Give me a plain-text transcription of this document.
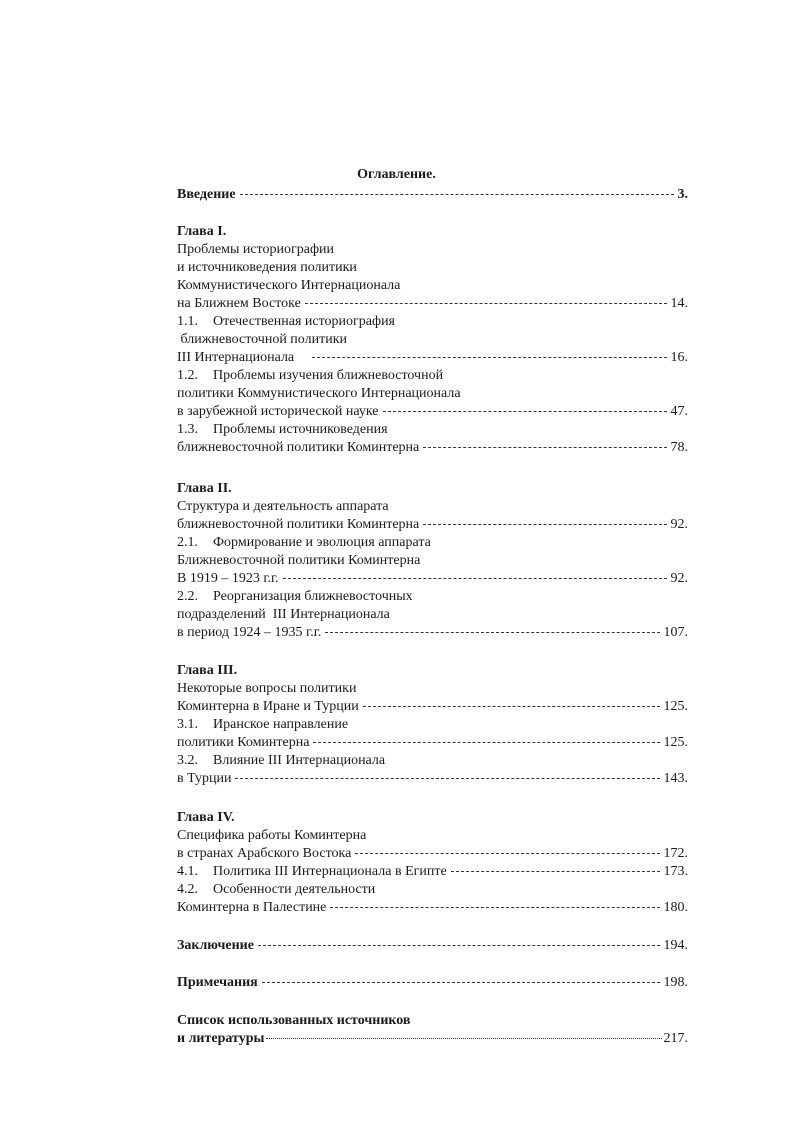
Оглавление.
Введение	3.
Глава I.
Проблемы историографии
и источниковедения политики
Коммунистического Интернационала
на Ближнем Востоке	14.
1.1. Отечественная историография
ближневосточной политики
III Интернационала	16.
1.2. Проблемы изучения ближневосточной
политики Коммунистического Интернационала
в зарубежной исторической науке	47.
1.3. Проблемы источниковедения
ближневосточной политики Коминтерна	78.
Глава II.
Структура и деятельность аппарата
ближневосточной политики Коминтерна	92.
2.1. Формирование и эволюция аппарата
Ближневосточной политики Коминтерна
В 1919 – 1923 г.г.	92.
2.2. Реорганизация ближневосточных
подразделений  III Интернационала
в период 1924 – 1935 г.г.	107.
Глава III.
Некоторые вопросы политики
Коминтерна в Иране и Турции	125.
3.1. Иранское направление
политики Коминтерна	125.
3.2. Влияние III Интернационала
в Турции	143.
Глава IV.
Специфика работы Коминтерна
в странах Арабского Востока	172.
4.1. Политика III Интернационала в Египте	173.
4.2. Особенности деятельности
Коминтерна в Палестине	180.
Заключение	194.
Примечания	198.
Список использованных источников
и литературы	217.
